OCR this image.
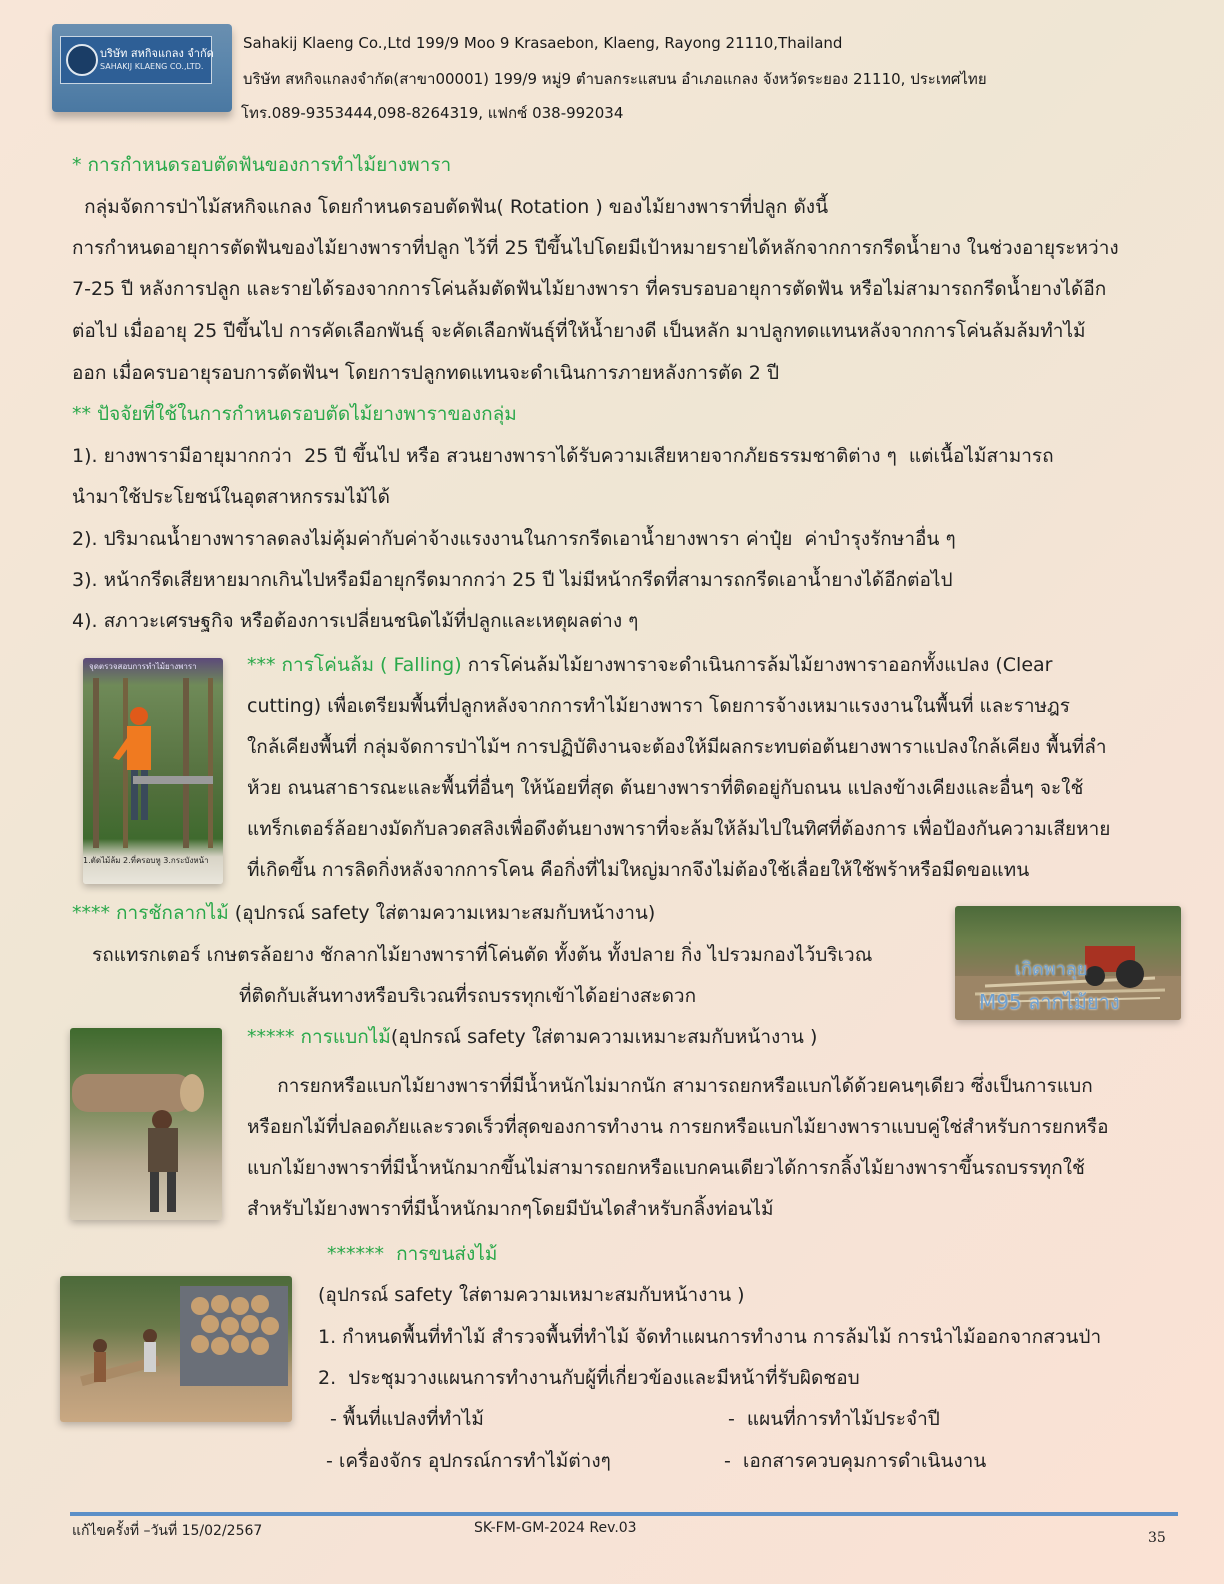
บริษัท สหกิจแกลง จำกัด
SAHAKIJ KLAENG CO.,LTD.
Sahakij Klaeng Co.,Ltd 199/9 Moo 9 Krasaebon, Klaeng, Rayong 21110,Thailand
บริษัท สหกิจแกลงจำกัด(สาขา00001) 199/9 หมู่9 ตำบลกระแสบน อำเภอแกลง จังหวัดระยอง 21110, ประเทศไทย
โทร.089-9353444,098-8264319, แฟกซ์ 038-992034
* การกำหนดรอบตัดฟันของการทำไม้ยางพารา
กลุ่มจัดการป่าไม้สหกิจแกลง โดยกำหนดรอบตัดฟัน( Rotation ) ของไม้ยางพาราที่ปลูก ดังนี้
การกำหนดอายุการตัดฟันของไม้ยางพาราที่ปลูก ไว้ที่ 25 ปีขึ้นไปโดยมีเป้าหมายรายได้หลักจากการกรีดน้ำยาง ในช่วงอายุระหว่าง
7-25 ปี หลังการปลูก และรายได้รองจากการโค่นล้มตัดฟันไม้ยางพารา ที่ครบรอบอายุการตัดฟัน หรือไม่สามารถกรีดน้ำยางได้อีก
ต่อไป เมื่ออายุ 25 ปีขึ้นไป การคัดเลือกพันธุ์ จะคัดเลือกพันธุ์ที่ให้น้ำยางดี เป็นหลัก มาปลูกทดแทนหลังจากการโค่นล้มล้มทำไม้
ออก เมื่อครบอายุรอบการตัดฟันฯ โดยการปลูกทดแทนจะดำเนินการภายหลังการตัด 2 ปี
** ปัจจัยที่ใช้ในการกำหนดรอบตัดไม้ยางพาราของกลุ่ม
1). ยางพารามีอายุมากกว่า  25 ปี ขึ้นไป หรือ สวนยางพาราได้รับความเสียหายจากภัยธรรมชาติต่าง ๆ  แต่เนื้อไม้สามารถ
นำมาใช้ประโยชน์ในอุตสาหกรรมไม้ได้
2). ปริมาณน้ำยางพาราลดลงไม่คุ้มค่ากับค่าจ้างแรงงานในการกรีดเอาน้ำยางพารา ค่าปุ๋ย  ค่าบำรุงรักษาอื่น ๆ
3). หน้ากรีดเสียหายมากเกินไปหรือมีอายุกรีดมากกว่า 25 ปี ไม่มีหน้ากรีดที่สามารถกรีดเอาน้ำยางได้อีกต่อไป
4). สภาวะเศรษฐกิจ หรือต้องการเปลี่ยนชนิดไม้ที่ปลูกและเหตุผลต่าง ๆ
จุดตรวจสอบการทำไม้ยางพารา
1.ตัดไม้ล้ม 2.ที่ครอบหู 3.กระบังหน้า
*** การโค่นล้ม ( Falling) การโค่นล้มไม้ยางพาราจะดำเนินการล้มไม้ยางพาราออกทั้งแปลง (Clear
cutting) เพื่อเตรียมพื้นที่ปลูกหลังจากการทำไม้ยางพารา โดยการจ้างเหมาแรงงานในพื้นที่ และราษฎร
ใกล้เคียงพื้นที่ กลุ่มจัดการป่าไม้ฯ การปฏิบัติงานจะต้องให้มีผลกระทบต่อต้นยางพาราแปลงใกล้เคียง พื้นที่ลำ
ห้วย ถนนสาธารณะและพื้นที่อื่นๆ ให้น้อยที่สุด ต้นยางพาราที่ติดอยู่กับถนน แปลงข้างเคียงและอื่นๆ จะใช้
แทร็กเตอร์ล้อยางมัดกับลวดสลิงเพื่อดึงต้นยางพาราที่จะล้มให้ล้มไปในทิศที่ต้องการ เพื่อป้องกันความเสียหาย
ที่เกิดขึ้น การลิดกิ่งหลังจากการโคน คือกิ่งที่ไม่ใหญ่มากจึงไม่ต้องใช้เลื่อยให้ใช้พร้าหรือมีดขอแทน
**** การชักลากไม้ (อุปกรณ์ safety ใส่ตามความเหมาะสมกับหน้างาน)
รถแทรกเตอร์ เกษตรล้อยาง ชักลากไม้ยางพาราที่โค่นตัด ทั้งต้น ทั้งปลาย กิ่ง ไปรวมกองไว้บริเวณ
ที่ติดกับเส้นทางหรือบริเวณที่รถบรรทุกเข้าได้อย่างสะดวก
เกิดพาลุย
M95 ลากไม้ยาง
***** การแบกไม้(อุปกรณ์ safety ใส่ตามความเหมาะสมกับหน้างาน )
การยกหรือแบกไม้ยางพาราที่มีน้ำหนักไม่มากนัก สามารถยกหรือแบกได้ด้วยคนๆเดียว ซึ่งเป็นการแบก
หรือยกไม้ที่ปลอดภัยและรวดเร็วที่สุดของการทำงาน การยกหรือแบกไม้ยางพาราแบบคู่ใช่สำหรับการยกหรือ
แบกไม้ยางพาราที่มีน้ำหนักมากขึ้นไม่สามารถยกหรือแบกคนเดียวได้การกลิ้งไม้ยางพาราขึ้นรถบรรทุกใช้
สำหรับไม้ยางพาราที่มีน้ำหนักมากๆโดยมีบันไดสำหรับกลิ้งท่อนไม้
******  การขนส่งไม้
(อุปกรณ์ safety ใส่ตามความเหมาะสมกับหน้างาน )
1. กำหนดพื้นที่ทำไม้ สำรวจพื้นที่ทำไม้ จัดทำแผนการทำงาน การล้มไม้ การนำไม้ออกจากสวนป่า
2.  ประชุมวางแผนการทำงานกับผู้ที่เกี่ยวข้องและมีหน้าที่รับผิดชอบ
- พื้นที่แปลงที่ทำไม้	-  แผนที่การทำไม้ประจำปี
- เครื่องจักร อุปกรณ์การทำไม้ต่างๆ	-  เอกสารควบคุมการดำเนินงาน
แก้ไขครั้งที่ –วันที่ 15/02/2567	SK-FM-GM-2024 Rev.03
35
